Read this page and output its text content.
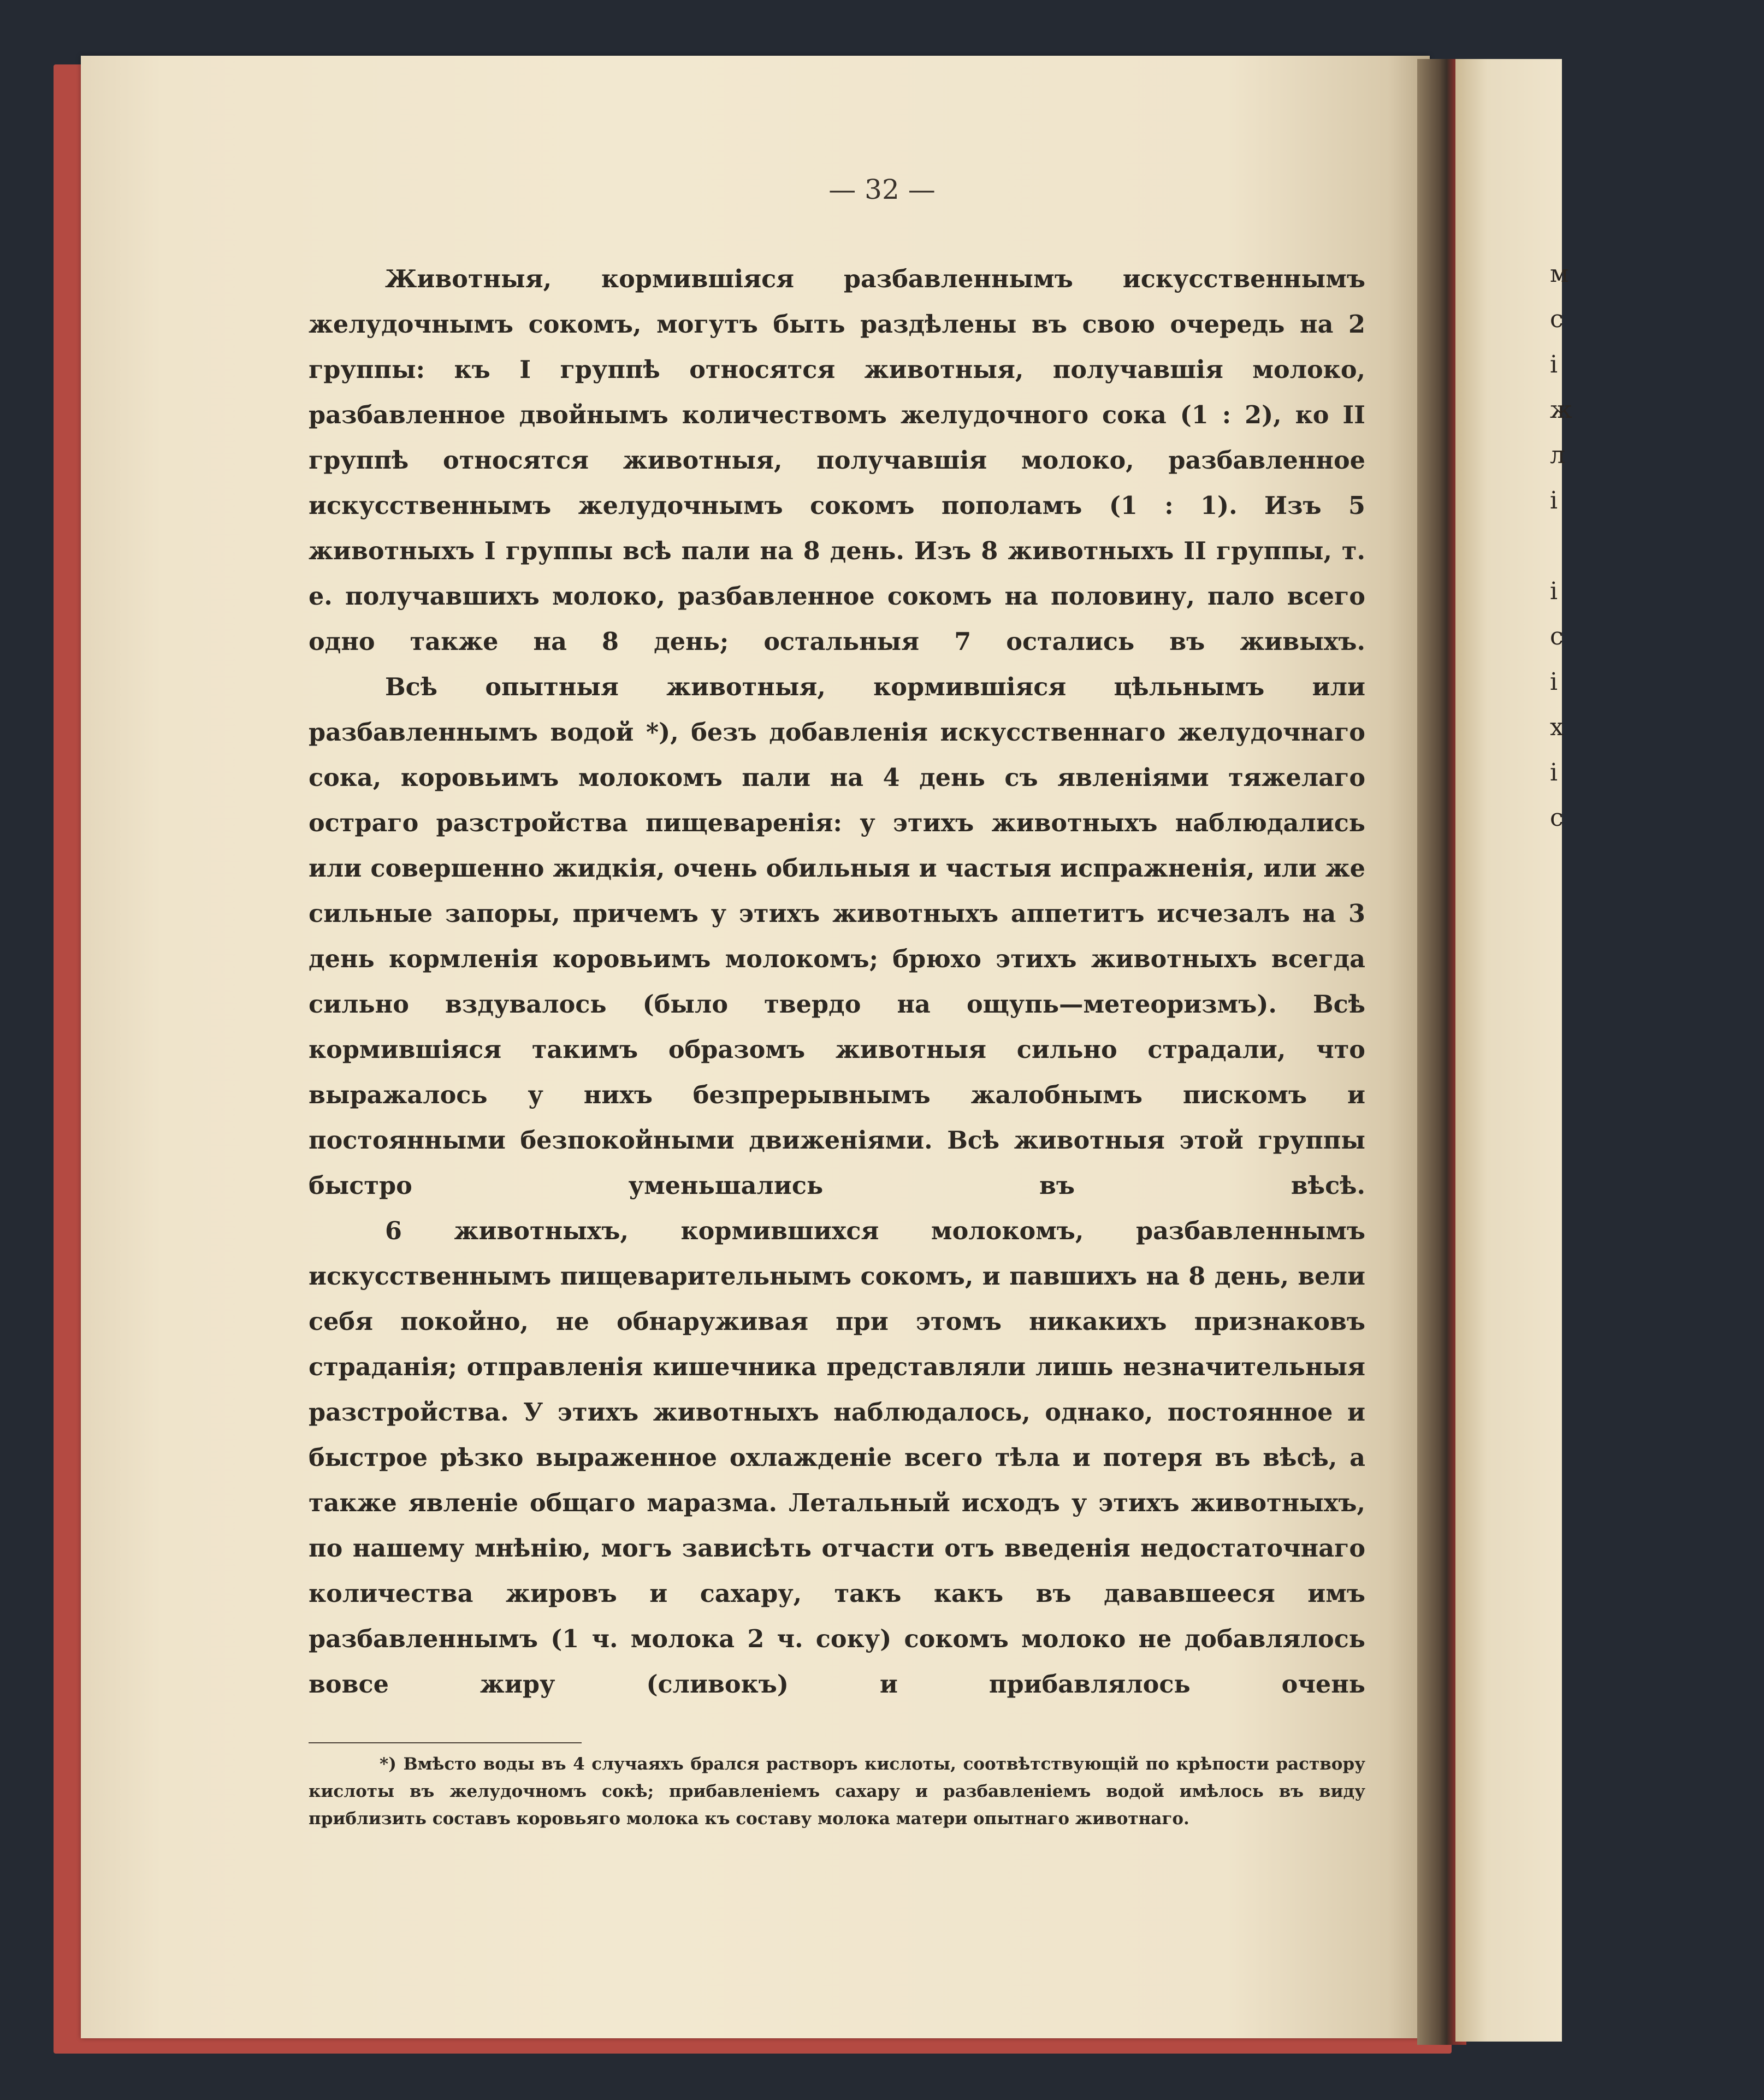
м
с
і
ж
л
і

і
с
і
х
і
с
— 32 —

Животныя, кормившіяся разбавленнымъ искусственнымъ желудочнымъ сокомъ, могутъ быть раздѣлены въ свою очередь на 2 группы: къ I группѣ относятся животныя, получавшія молоко, разбавленное двойнымъ количествомъ желудочного сока (1 : 2), ко II группѣ относятся животныя, получавшія молоко, разбавленное искусственнымъ желудочнымъ сокомъ пополамъ (1 : 1). Изъ 5 животныхъ I группы всѣ пали на 8 день. Изъ 8 животныхъ II группы, т. е. получавшихъ молоко, разбавленное сокомъ на половину, пало всего одно также на 8 день; остальныя 7 остались въ живыхъ.

Всѣ опытныя животныя, кормившіяся цѣльнымъ или разбавленнымъ водой *), безъ добавленія искусственнаго желудочнаго сока, коровьимъ молокомъ пали на 4 день съ явленіями тяжелаго остраго разстройства пищеваренія: у этихъ животныхъ наблюдались или совершенно жидкія, очень обильныя и частыя испражненія, или же сильные запоры, причемъ у этихъ животныхъ аппетитъ исчезалъ на 3 день кормленія коровьимъ молокомъ; брюхо этихъ животныхъ всегда сильно вздувалось (было твердо на ощупь—метеоризмъ). Всѣ кормившіяся такимъ образомъ животныя сильно страдали, что выражалось у нихъ безпрерывнымъ жалобнымъ пискомъ и постоянными безпокойными движеніями. Всѣ животныя этой группы быстро уменьшались въ вѣсѣ.

6 животныхъ, кормившихся молокомъ, разбавленнымъ искусственнымъ пищеварительнымъ сокомъ, и павшихъ на 8 день, вели себя покойно, не обнаруживая при этомъ никакихъ признаковъ страданія; отправленія кишечника представляли лишь незначительныя разстройства. У этихъ животныхъ наблюдалось, однако, постоянное и быстрое рѣзко выраженное охлажденіе всего тѣла и потеря въ вѣсѣ, а также явленіе общаго маразма. Летальный исходъ у этихъ животныхъ, по нашему мнѣнію, могъ зависѣть отчасти отъ введенія недостаточнаго количества жировъ и сахару, такъ какъ въ дававшееся имъ разбавленнымъ (1 ч. молока 2 ч. соку) сокомъ молоко не добавлялось вовсе жиру (сливокъ) и прибавлялось очень

*) Вмѣсто воды въ 4 случаяхъ брался растворъ кислоты, соотвѣтствующій по крѣпости раствору кислоты въ желудочномъ сокѣ; прибавленіемъ сахару и разбавленіемъ водой имѣлось въ виду приблизить составъ коровьяго молока къ составу молока матери опытнаго животнаго.
